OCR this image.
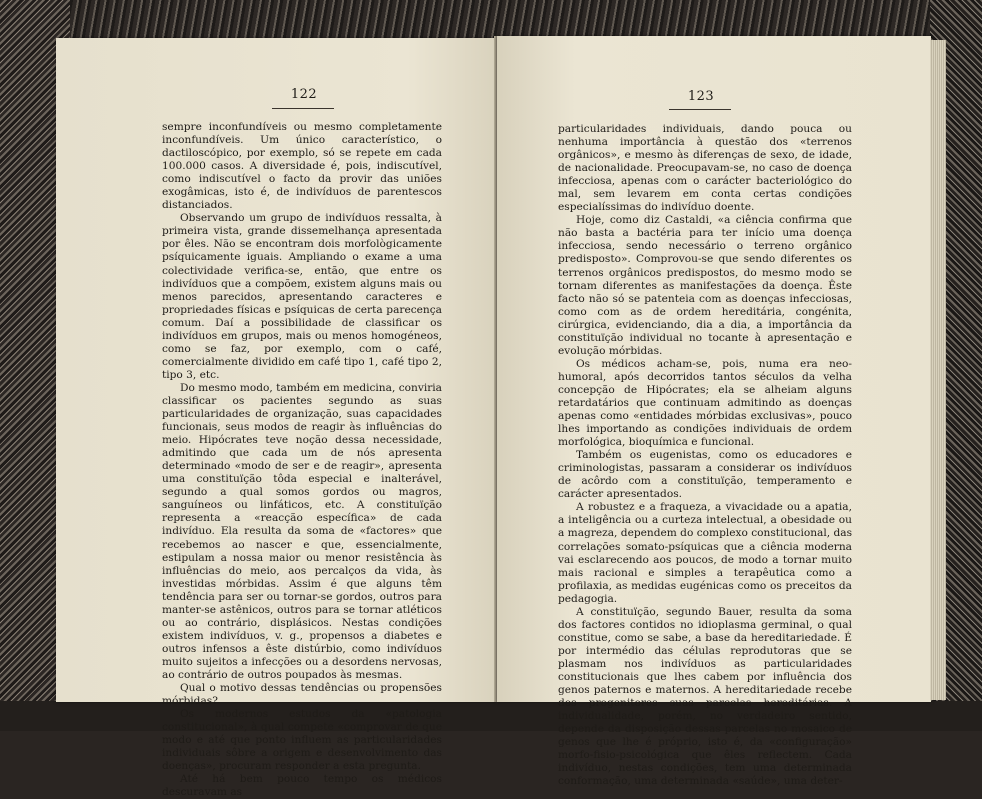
122

sempre inconfundíveis ou mesmo completamente inconfundíveis. Um único característico, o dactiloscópico, por exemplo, só se repete em cada 100.000 casos. A diversidade é, pois, indiscutível, como indiscutível o facto da provir das uniões exogâmicas, isto é, de indivíduos de parentescos distanciados.

Observando um grupo de indivíduos ressalta, à primeira vista, grande dissemelhança apresentada por êles. Não se encontram dois morfològicamente psíquicamente iguais. Ampliando o exame a uma colectividade verifica-se, então, que entre os indivíduos que a compõem, existem alguns mais ou menos parecidos, apresentando caracteres e propriedades físicas e psíquicas de certa parecença comum. Daí a possibilidade de classificar os indivíduos em grupos, mais ou menos homogéneos, como se faz, por exemplo, com o café, comercialmente dividido em café tipo 1, café tipo 2, tipo 3, etc.

Do mesmo modo, também em medicina, conviria classificar os pacientes segundo as suas particularidades de organização, suas capacidades funcionais, seus modos de reagir às influências do meio. Hipócrates teve noção dessa necessidade, admitindo que cada um de nós apresenta determinado «modo de ser e de reagir», apresenta uma constituïção tôda especial e inalterável, segundo a qual somos gordos ou magros, sanguíneos ou linfáticos, etc. A constituïção representa a «reacção específica» de cada indivíduo. Ela resulta da soma de «factores» que recebemos ao nascer e que, essencialmente, estipulam a nossa maior ou menor resistência às influências do meio, aos percalços da vida, às investidas mórbidas. Assim é que alguns têm tendência para ser ou tornar-se gordos, outros para manter-se astênicos, outros para se tornar atléticos ou ao contrário, displásicos. Nestas condições existem indivíduos, v. g., propensos a diabetes e outros infensos a êste distúrbio, como indivíduos muito sujeitos a infecções ou a desordens nervosas, ao contrário de outros poupados às mesmas.

Qual o motivo dessas tendências ou propensões mórbidas?

Os modernos estudos da «patologia constitucional», à qual compete «comprovar de que modo e até que ponto influem as particularidades individuais sôbre a origem e desenvolvimento das doenças», procuram responder a esta pregunta.

Até há bem pouco tempo os médicos descuravam as

123

particularidades individuais, dando pouca ou nenhuma importância à questão dos «terrenos orgânicos», e mesmo às diferenças de sexo, de idade, de nacionalidade. Preocupavam-se, no caso de doença infecciosa, apenas com o carácter bacteriológico do mal, sem levarem em conta certas condições especialíssimas do indivíduo doente.

Hoje, como diz Castaldi, «a ciência confirma que não basta a bactéria para ter início uma doença infecciosa, sendo necessário o terreno orgânico predisposto». Comprovou-se que sendo diferentes os terrenos orgânicos predispostos, do mesmo modo se tornam diferentes as manifestações da doença. Êste facto não só se patenteia com as doenças infecciosas, como com as de ordem hereditária, congénita, cirúrgica, evidenciando, dia a dia, a importância da constituïção individual no tocante à apresentação e evolução mórbidas.

Os médicos acham-se, pois, numa era neo-humoral, após decorridos tantos séculos da velha concepção de Hipócrates; ela se alheiam alguns retardatários que continuam admitindo as doenças apenas como «entidades mórbidas exclusivas», pouco lhes importando as condições individuais de ordem morfológica, bioquímica e funcional.

Também os eugenistas, como os educadores e criminologistas, passaram a considerar os indivíduos de acôrdo com a constituïção, temperamento e carácter apresentados.

A robustez e a fraqueza, a vivacidade ou a apatia, a inteligência ou a curteza intelectual, a obesidade ou a magreza, dependem do complexo constitucional, das correlações somato-psíquicas que a ciência moderna vai esclarecendo aos poucos, de modo a tornar muito mais racional e simples a terapêutica como a profilaxia, as medidas eugénicas como os preceitos da pedagogia.

A constituïção, segundo Bauer, resulta da soma dos factores contidos no idioplasma germinal, o qual constitue, como se sabe, a base da hereditariedade. É por intermédio das células reprodutoras que se plasmam nos indivíduos as particularidades constitucionais que lhes cabem por influência dos genos paternos e maternos. A hereditariedade recebe dos progenitores suas parcelas hereditárias. A individualidade, porém, no verdadeiro sentido, depende da disposição dessas parcelas no mosaico de genos que lhe é próprio, isto é, da «configuração» morfo-fisio-psicológica que êles reflectem. Cada indivíduo, nestas condições, tem uma determinada conformação, uma determinada «saúde», uma deter-
